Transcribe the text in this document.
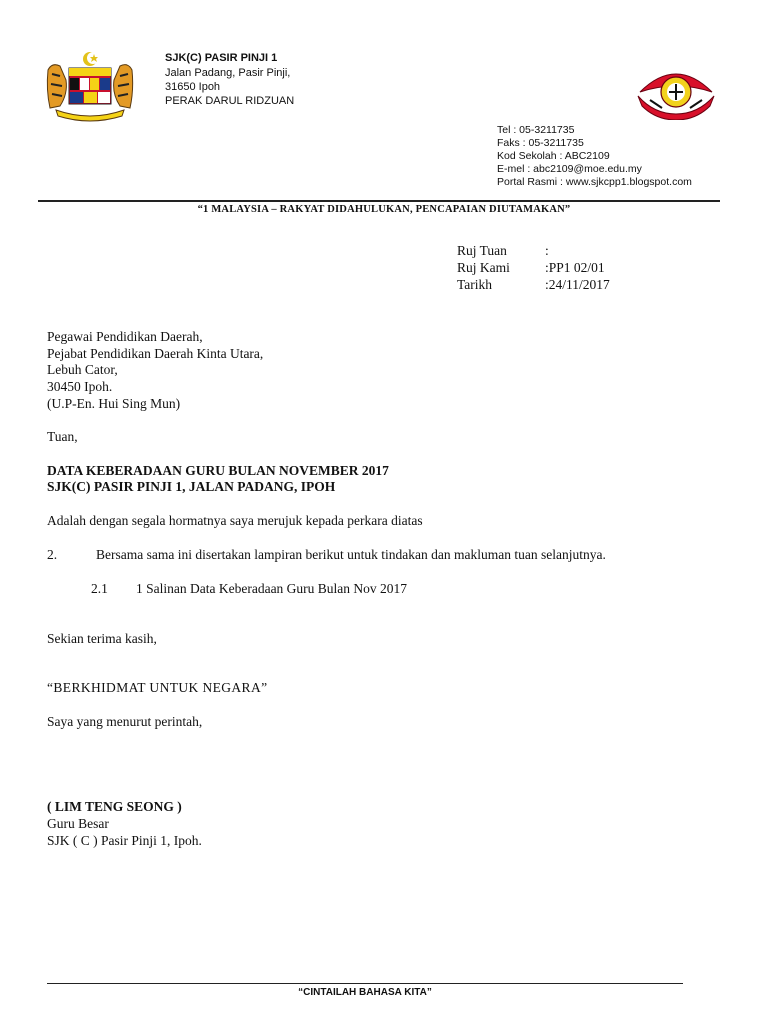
SJK(C) PASIR PINJI 1
Jalan Padang, Pasir Pinji,
31650 Ipoh
PERAK DARUL RIDZUAN
Tel : 05-3211735
Faks : 05-3211735
Kod Sekolah : ABC2109
E-mel : abc2109@moe.edu.my
Portal Rasmi : www.sjkcpp1.blogspot.com
“1 MALAYSIA – RAKYAT DIDAHULUKAN, PENCAPAIAN DIUTAMAKAN”
Ruj Tuan	:
Ruj Kami	:PP1 02/01
Tarikh	:24/11/2017
Pegawai Pendidikan Daerah,
Pejabat Pendidikan Daerah Kinta Utara,
Lebuh Cator,
30450 Ipoh.
(U.P-En. Hui Sing Mun)
Tuan,
DATA KEBERADAAN GURU BULAN NOVEMBER 2017
SJK(C) PASIR PINJI 1, JALAN PADANG, IPOH
Adalah dengan segala hormatnya saya merujuk kepada perkara diatas
2.	Bersama sama ini disertakan lampiran berikut untuk tindakan dan makluman tuan selanjutnya.
2.1 1 Salinan Data Keberadaan Guru Bulan Nov 2017
Sekian terima kasih,
“BERKHIDMAT UNTUK NEGARA”
Saya yang menurut perintah,
( LIM TENG SEONG )
Guru Besar
SJK ( C ) Pasir Pinji 1, Ipoh.
“CINTAILAH BAHASA KITA”
